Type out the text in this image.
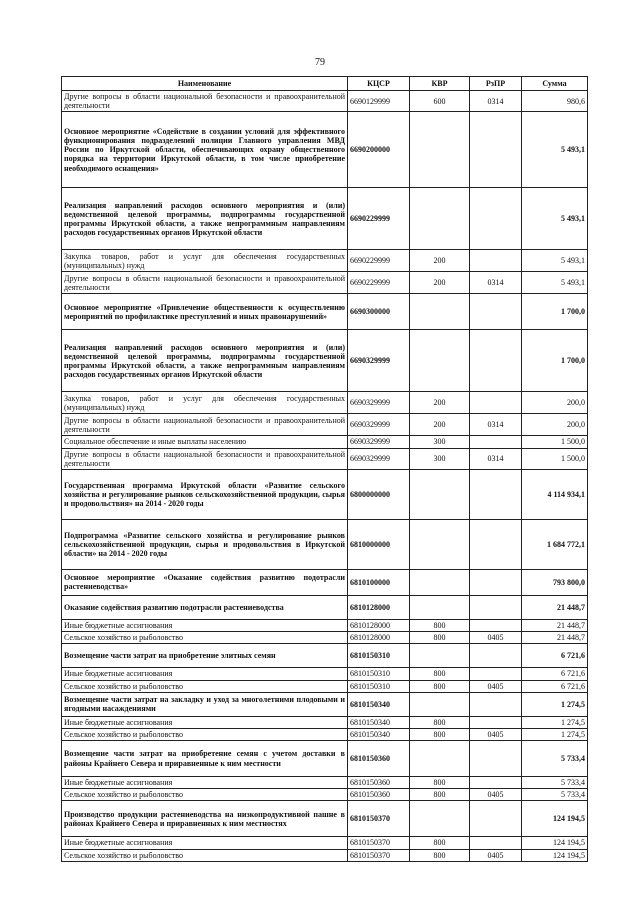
79
Наименование	КЦСР	КВР	РзПР	Сумма
Другие вопросы в области национальной безопасности и правоохранительной деятельности	6690129999	600	0314	980,6
Основное мероприятие «Содействие в создании условий для эффективного функционирования подразделений полиции Главного управления МВД России по Иркутской области, обеспечивающих охрану общественного порядка на территории Иркутской области, в том числе приобретение необходимого оснащения»	6690200000			5 493,1
Реализация направлений расходов основного мероприятия и (или) ведомственной целевой программы, подпрограммы государственной программы Иркутской области, а также непрограммным направлениям расходов государственных органов Иркутской области	6690229999			5 493,1
Закупка товаров, работ и услуг для обеспечения государственных (муниципальных) нужд	6690229999	200		5 493,1
Другие вопросы в области национальной безопасности и правоохранительной деятельности	6690229999	200	0314	5 493,1
Основное мероприятие «Привлечение общественности к осуществлению мероприятий по профилактике преступлений и иных правонарушений»	6690300000			1 700,0
Реализация направлений расходов основного мероприятия и (или) ведомственной целевой программы, подпрограммы государственной программы Иркутской области, а также непрограммным направлениям расходов государственных органов Иркутской области	6690329999			1 700,0
Закупка товаров, работ и услуг для обеспечения государственных (муниципальных) нужд	6690329999	200		200,0
Другие вопросы в области национальной безопасности и правоохранительной деятельности	6690329999	200	0314	200,0
Социальное обеспечение и иные выплаты населению	6690329999	300		1 500,0
Другие вопросы в области национальной безопасности и правоохранительной деятельности	6690329999	300	0314	1 500,0
Государственная программа Иркутской области «Развитие сельского хозяйства и регулирование рынков сельскохозяйственной продукции, сырья и продовольствия» на 2014 - 2020 годы	6800000000			4 114 934,1
Подпрограмма «Развитие сельского хозяйства и регулирование рынков сельскохозяйственной продукции, сырья и продовольствия в Иркутской области» на 2014 - 2020 годы	6810000000			1 684 772,1
Основное мероприятие «Оказание содействия развитию подотрасли растениеводства»	6810100000			793 800,0
Оказание содействия развитию подотрасли растениеводства	6810128000			21 448,7
Иные бюджетные ассигнования	6810128000	800		21 448,7
Сельское хозяйство и рыболовство	6810128000	800	0405	21 448,7
Возмещение части затрат на приобретение элитных семян	6810150310			6 721,6
Иные бюджетные ассигнования	6810150310	800		6 721,6
Сельское хозяйство и рыболовство	6810150310	800	0405	6 721,6
Возмещение части затрат на закладку и уход за многолетними плодовыми и ягодными насаждениями	6810150340			1 274,5
Иные бюджетные ассигнования	6810150340	800		1 274,5
Сельское хозяйство и рыболовство	6810150340	800	0405	1 274,5
Возмещение части затрат на приобретение семян с учетом доставки в районы Крайнего Севера и приравненные к ним местности	6810150360			5 733,4
Иные бюджетные ассигнования	6810150360	800		5 733,4
Сельское хозяйство и рыболовство	6810150360	800	0405	5 733,4
Производство продукции растениеводства на низкопродуктивной пашне в районах Крайнего Севера и приравненных к ним местностях	6810150370			124 194,5
Иные бюджетные ассигнования	6810150370	800		124 194,5
Сельское хозяйство и рыболовство	6810150370	800	0405	124 194,5
